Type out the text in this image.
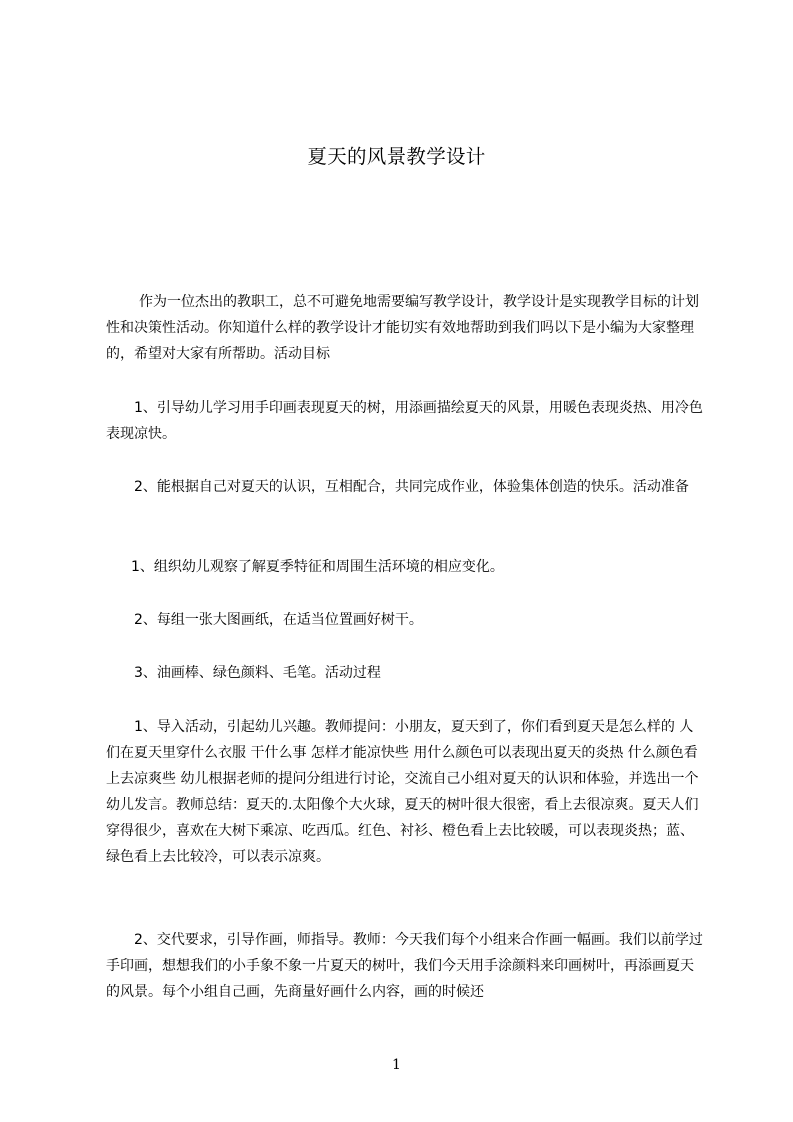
夏天的风景教学设计

作为一位杰出的教职工，总不可避免地需要编写教学设计，教学设计是实现教学目标的计划性和决策性活动。你知道什么样的教学设计才能切实有效地帮助到我们吗以下是小编为大家整理的，希望对大家有所帮助。活动目标

1、引导幼儿学习用手印画表现夏天的树，用添画描绘夏天的风景，用暖色表现炎热、用冷色表现凉快。

2、能根据自己对夏天的认识，互相配合，共同完成作业，体验集体创造的快乐。活动准备

1、组织幼儿观察了解夏季特征和周围生活环境的相应变化。

2、每组一张大图画纸，在适当位置画好树干。

3、油画棒、绿色颜料、毛笔。活动过程

1、导入活动，引起幼儿兴趣。教师提问：小朋友，夏天到了，你们看到夏天是怎么样的 人们在夏天里穿什么衣服 干什么事 怎样才能凉快些 用什么颜色可以表现出夏天的炎热 什么颜色看上去凉爽些 幼儿根据老师的提问分组进行讨论，交流自己小组对夏天的认识和体验，并选出一个幼儿发言。教师总结：夏天的.太阳像个大火球，夏天的树叶很大很密，看上去很凉爽。夏天人们穿得很少，喜欢在大树下乘凉、吃西瓜。红色、衬衫、橙色看上去比较暖，可以表现炎热；蓝、绿色看上去比较冷，可以表示凉爽。

2、交代要求，引导作画，师指导。教师：今天我们每个小组来合作画一幅画。我们以前学过手印画，想想我们的小手象不象一片夏天的树叶，我们今天用手涂颜料来印画树叶，再添画夏天的风景。每个小组自己画，先商量好画什么内容，画的时候还

1
